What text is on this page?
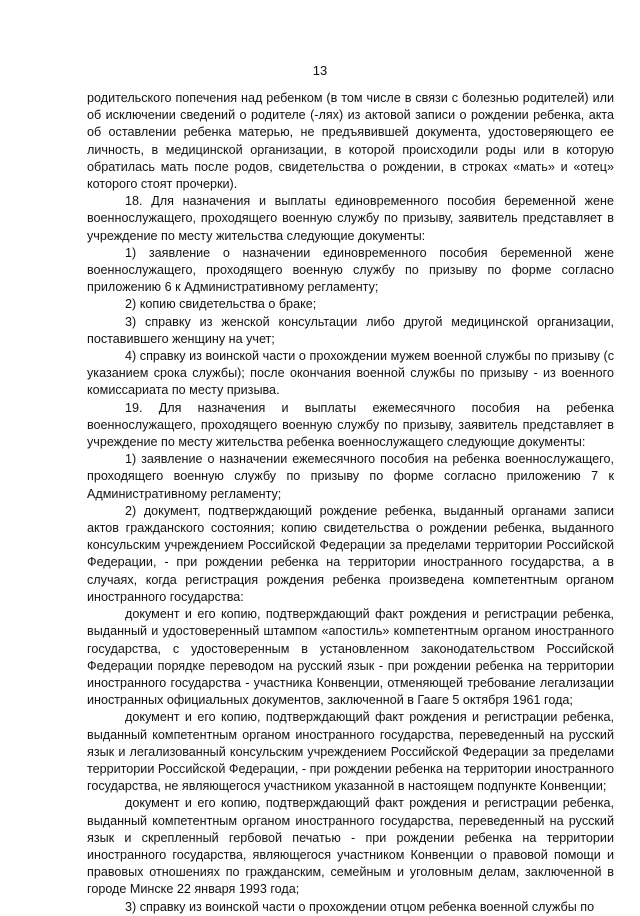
13

родительского попечения над ребенком (в том числе в связи с болезнью родителей) или об исключении сведений о родителе (-лях) из актовой записи о рождении ребенка, акта об оставлении ребенка матерью, не предъявившей документа, удостоверяющего ее личность, в медицинской организации, в которой происходили роды или в которую обратилась мать после родов, свидетельства о рождении, в строках «мать» и «отец» которого стоят прочерки).

18. Для назначения и выплаты единовременного пособия беременной жене военнослужащего, проходящего военную службу по призыву, заявитель представляет в учреждение по месту жительства следующие документы:

1) заявление о назначении единовременного пособия беременной жене военнослужащего, проходящего военную службу по призыву по форме согласно приложению 6 к Административному регламенту;

2) копию свидетельства о браке;

3) справку из женской консультации либо другой медицинской организации, поставившего женщину на учет;

4) справку из воинской части о прохождении мужем военной службы по призыву (с указанием срока службы); после окончания военной службы по призыву - из военного комиссариата по месту призыва.

19. Для назначения и выплаты ежемесячного пособия на ребенка военнослужащего, проходящего военную службу по призыву, заявитель представляет в учреждение по месту жительства ребенка военнослужащего следующие документы:

1) заявление о назначении ежемесячного пособия на ребенка военнослужащего, проходящего военную службу по призыву по форме согласно приложению 7 к Административному регламенту;

2) документ, подтверждающий рождение ребенка, выданный органами записи актов гражданского состояния; копию свидетельства о рождении ребенка, выданного консульским учреждением Российской Федерации за пределами территории Российской Федерации, - при рождении ребенка на территории иностранного государства, а в случаях, когда регистрация рождения ребенка произведена компетентным органом иностранного государства:

документ и его копию, подтверждающий факт рождения и регистрации ребенка, выданный и удостоверенный штампом «апостиль» компетентным органом иностранного государства, с удостоверенным в установленном законодательством Российской Федерации порядке переводом на русский язык - при рождении ребенка на территории иностранного государства - участника Конвенции, отменяющей требование легализации иностранных официальных документов, заключенной в Гааге 5 октября 1961 года;

документ и его копию, подтверждающий факт рождения и регистрации ребенка, выданный компетентным органом иностранного государства, переведенный на русский язык и легализованный консульским учреждением Российской Федерации за пределами территории Российской Федерации, - при рождении ребенка на территории иностранного государства, не являющегося участником указанной в настоящем подпункте Конвенции;

документ и его копию, подтверждающий факт рождения и регистрации ребенка, выданный компетентным органом иностранного государства, переведенный на русский язык и скрепленный гербовой печатью - при рождении ребенка на территории иностранного государства, являющегося участником Конвенции о правовой помощи и правовых отношениях по гражданским, семейным и уголовным делам, заключенной в городе Минске 22 января 1993 года;

3) справку из воинской части о прохождении отцом ребенка военной службы по
